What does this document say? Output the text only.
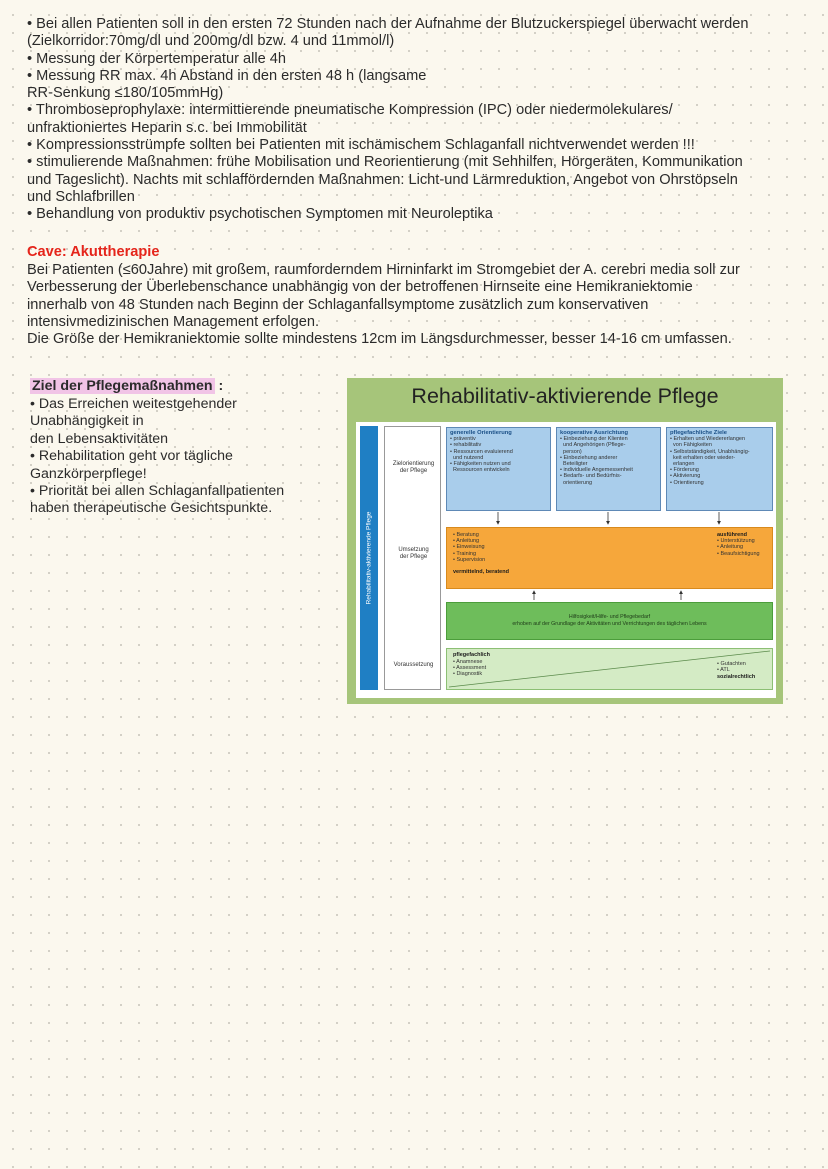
• Bei allen Patienten soll in den ersten 72 Stunden nach der Aufnahme der Blutzuckerspiegel überwacht werden
(Zielkorridor:70mg/dl und 200mg/dl bzw. 4 und 11mmol/l)
• Messung der Körpertemperatur alle 4h
• Messung RR max. 4h Abstand in den ersten 48 h (langsame
RR-Senkung ≤180/105mmHg)
• Thromboseprophylaxe: intermittierende pneumatische Kompression (IPC) oder niedermolekulares/
unfraktioniertes Heparin s.c. bei Immobilität
• Kompressionsstrümpfe sollten bei Patienten mit ischämischem Schlaganfall nichtverwendet werden !!!
• stimulierende Maßnahmen: frühe Mobilisation und Reorientierung (mit Sehhilfen, Hörgeräten, Kommunikation
und Tageslicht). Nachts mit schlaffördernden Maßnahmen: Licht-und Lärmreduktion, Angebot von Ohrstöpseln
und Schlafbrillen
• Behandlung von produktiv psychotischen Symptomen mit Neuroleptika
Cave: Akuttherapie
Bei Patienten (≤60Jahre) mit großem, raumforderndem Hirninfarkt im Stromgebiet der A. cerebri media soll zur
Verbesserung der Überlebenschance unabhängig von der betroffenen Hirnseite eine Hemikraniektomie
innerhalb von 48 Stunden nach Beginn der Schlaganfallsymptome zusätzlich zum konservativen
intensivmedizinischen Management erfolgen.
Die Größe der Hemikraniektomie sollte mindestens 12cm im Längsdurchmesser, besser 14-16 cm umfassen.
Ziel der Pflegemaßnahmen :
• Das Erreichen weitestgehender
Unabhängigkeit in
den Lebensaktivitäten
• Rehabilitation geht vor tägliche
Ganzkörperpflege!
• Priorität bei allen Schlaganfallpatienten
haben therapeutische Gesichtspunkte.
Rehabilitativ-aktivierende Pflege
Rehabilitativ-aktivierende Pflege
Zielorientierung
der Pflege
Umsetzung
der Pflege
Voraussetzung
generelle Orientierung
• präventiv
• rehabilitativ
• Ressourcen evaluierend
und nutzend
• Fähigkeiten nutzen und
Ressourcen entwickeln
kooperative Ausrichtung
• Einbeziehung der Klienten
und Angehörigen (Pflege-
person)
• Einbeziehung anderer
Beteiligter
• individuelle Angemessenheit
• Bedarfs- und Bedürfnis-
orientierung
pflegefachliche Ziele
• Erhalten und Wiedererlangen
von Fähigkeiten
• Selbstständigkeit, Unabhängig-
keit erhalten oder wieder-
erlangen
• Förderung
• Aktivierung
• Orientierung
• Beratung
• Anleitung
• Einweisung
• Training
• Supervision
vermittelnd, beratend
ausführend
• Unterstützung
• Anleitung
• Beaufsichtigung
Hilfosigkeit/Hilfe- und Pflegebedarf
erhoben auf der Grundlage der Aktivitäten und Verrichtungen des täglichen Lebens
pflegefachlich
• Anamnese
• Assessment
• Diagnostik
• Gutachten
• ATL
sozialrechtlich
